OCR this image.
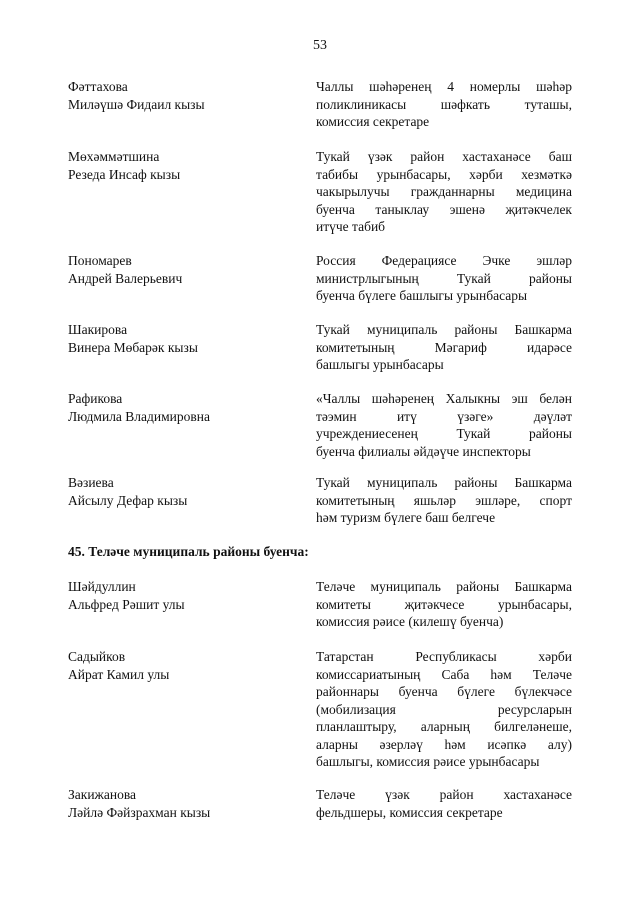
53
Фәттахова
Миләүшә Фидаил кызы
Чаллы шәһәренең 4 номерлы шәһәр
поликлиникасы шәфкать туташы,
комиссия секретаре
Мөхәммәтшина
Резеда Инсаф кызы
Тукай үзәк район хастаханәсе баш
табибы урынбасары, хәрби хезмәткә
чакырылучы гражданнарны медицина
буенча таныклау эшенә җитәкчелек
итүче табиб
Пономарев
Андрей Валерьевич
Россия Федерациясе Эчке эшләр
министрлыгының Тукай районы
буенча бүлеге башлыгы урынбасары
Шакирова
Винера Мөбарәк кызы
Тукай муниципаль районы Башкарма
комитетының Мәгариф идарәсе
башлыгы урынбасары
Рафикова
Людмила Владимировна
«Чаллы шәһәренең Халыкны эш белән
тәэмин итү үзәге» дәүләт
учреждениесенең Тукай районы
буенча филиалы әйдәүче инспекторы
Вәзиева
Айсылу Дефар кызы
Тукай муниципаль районы Башкарма
комитетының яшьләр эшләре, спорт
һәм туризм бүлеге баш белгече
45. Теләче муниципаль районы буенча:
Шәйдуллин
Альфред Рәшит улы
Теләче муниципаль районы Башкарма
комитеты җитәкчесе урынбасары,
комиссия рәисе (килешү буенча)
Садыйков
Айрат Камил улы
Татарстан Республикасы хәрби
комиссариатының Саба һәм Теләче
районнары буенча бүлеге бүлекчәсе
(мобилизация ресурсларын
планлаштыру, аларның билгеләнеше,
аларны әзерләү һәм исәпкә алу)
башлыгы, комиссия рәисе урынбасары
Закижанова
Ләйлә Фәйзрахман кызы
Теләче үзәк район хастаханәсе
фельдшеры, комиссия секретаре
